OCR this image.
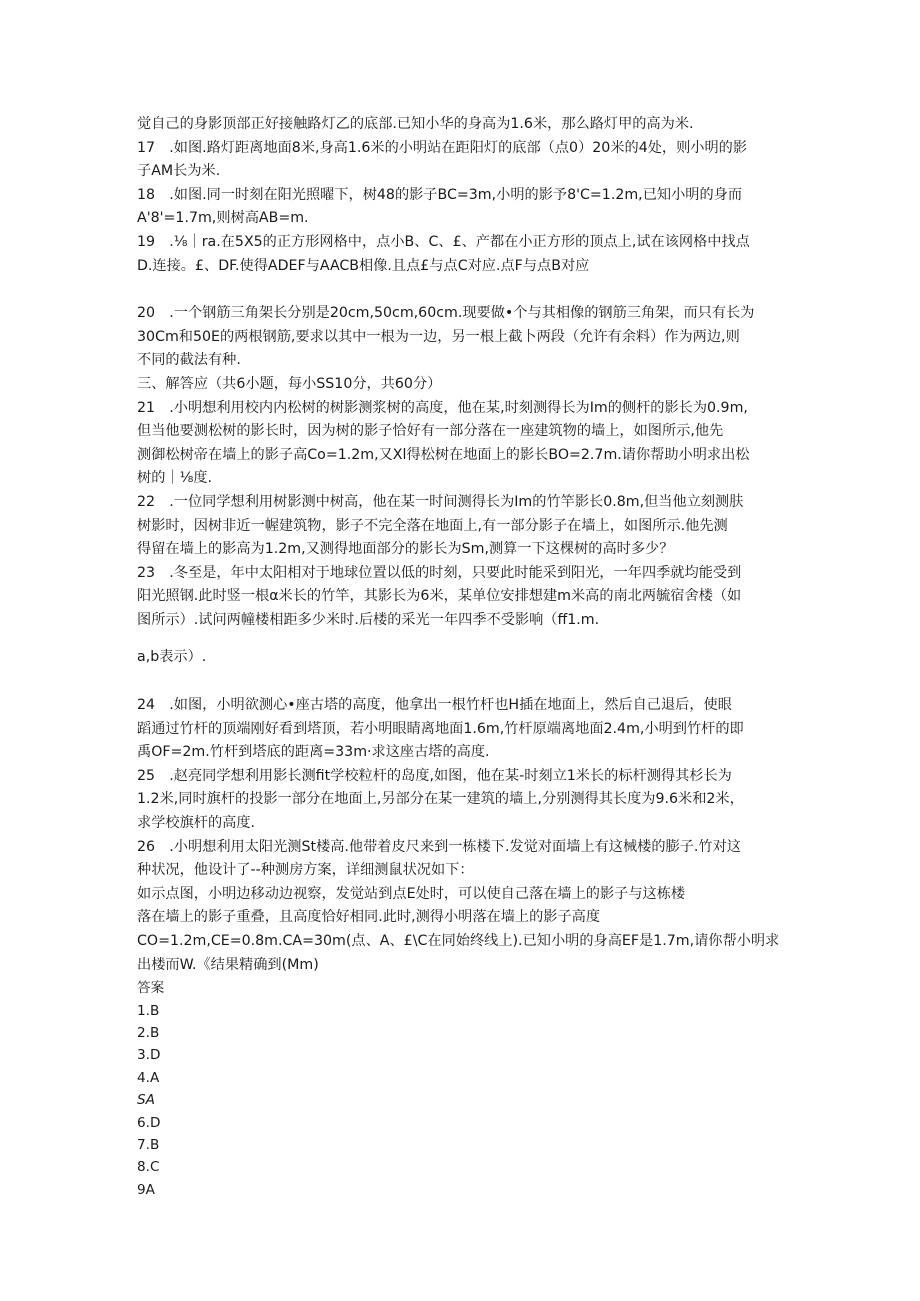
觉自己的身影顶部正好接触路灯乙的底部.已知小华的身高为1.6米，那么路灯甲的高为米.
17　.如图.路灯距离地面8米,身高1.6米的小明站在距阳灯的底部（点0）20米的4处，则小明的影
子AM长为米.
18　.如图.同一时刻在阳光照曜下，树48的影子BC=3m,小明的影予8'C=1.2m,已知小明的身而
A'8'=1.7m,则树高AB=m.
19　.⅛｜ra.在5X5的正方形网格中，点小B、C、£、产都在小正方形的顶点上,试在该网格中找点
D.连接。£、DF.使得ADEF与AACB相像.且点£与点C对应.点F与点B对应
20　.一个钢筋三角架长分别是20cm,50cm,60cm.现要做•个与其相像的钢筋三角架，而只有长为
30Cm和50E的两根钢筋,要求以其中一根为一边，另一根上截卜两段（允许有余料）作为两边,则
不同的截法有种.
三、解答应（共6小题，每小SS10分，共60分）
21　.小明想利用校内内松树的树影测浆树的高度，他在某,时刻测得长为Im的侧杆的影长为0.9m,
但当他要测松树的影长时，因为树的影子恰好有一部分落在一座建筑物的墙上，如图所示,他先
测御松树帝在墙上的影子高Co=1.2m,又Xl得松树在地面上的影长BO=2.7m.请你帮助小明求出松
树的｜⅛度.
22　.一位同学想利用树影测中树高，他在某一时间测得长为Im的竹竿影长0.8m,但当他立刻测肤
树影时，因树非近一幄建筑物，影子不完全落在地面上,有一部分影子在墙上，如图所示.他先测
得留在墙上的影高为1.2m,又测得地面部分的影长为Sm,测算一下这棵树的高时多少？
23　.冬至是，年中太阳相对于地球位置以低的时刻，只要此时能采到阳光，一年四季就均能受到
阳光照钢.此时竖一根α米长的竹竿，其影长为6米，某单位安排想建m米高的南北两毓宿舍楼（如
图所示）.试问两幢楼相距多少米时.后楼的采光一年四季不受影响（ff1.m.
a,b表示）.
24　.如图，小明欲测心•座古塔的高度，他拿出一根竹杆也H插在地面上，然后自己退后，使眼
蹈通过竹杆的顶端刚好看到塔顶，若小明眼睛离地面1.6m,竹杆原端离地面2.4m,小明到竹杆的即
禹OF=2m.竹杆到塔底的距离=33m·求这座古塔的高度.
25　.赵亮同学想利用影长测fit学校粒杆的岛度,如图，他在某-时刻立1米长的标杆测得其杉长为
1.2米,同时旗杆的投影一部分在地面上,另部分在某一建筑的墙上,分别测得其长度为9.6米和2米，
求学校旗杆的高度.
26　.小明想利用太阳光测St楼高.他带着皮尺来到一栋楼下.发觉对面墙上有这械楼的膨子.竹对这
种状况，他设计了--种测房方案，详细测鼠状况如下：
如示点图，小明边移动边视察，发觉站到点E处时，可以使自己落在墙上的影子与这栋楼
落在墙上的影子重叠，且高度恰好相同.此时,测得小明落在墙上的影子高度
CO=1.2m,CE=0.8m.CA=30m(点、A、£\C在同始终线上).已知小明的身高EF是1.7m,请你帮小明求
出楼而W.《结果精确到(Mm)
答案
1.B
2.B
3.D
4.A
SA
6.D
7.B
8.C
9A
